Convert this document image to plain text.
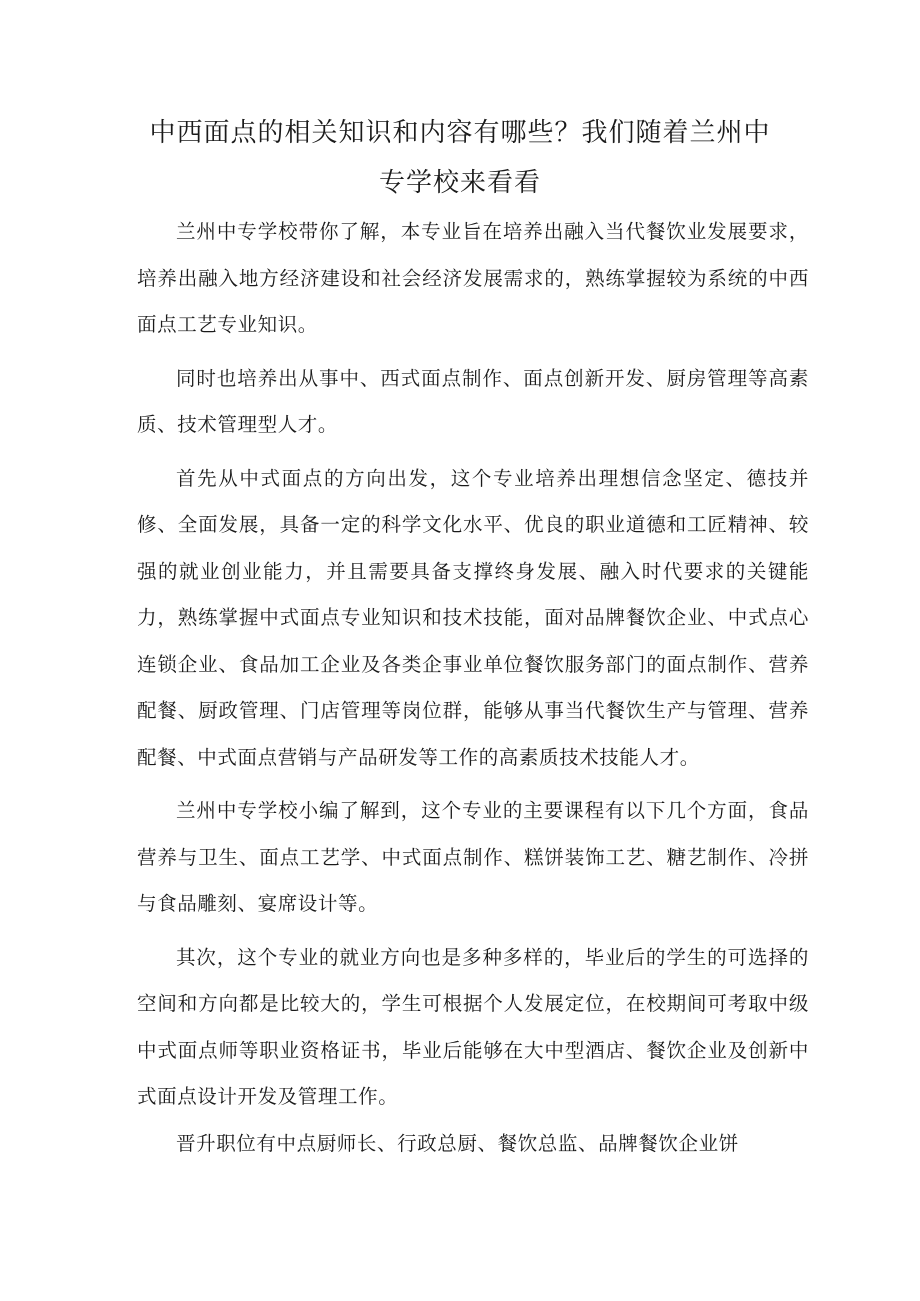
中西面点的相关知识和内容有哪些？我们随着兰州中
专学校来看看

兰州中专学校带你了解，本专业旨在培养出融入当代餐饮业发展要求，培养出融入地方经济建设和社会经济发展需求的，熟练掌握较为系统的中西面点工艺专业知识。

同时也培养出从事中、西式面点制作、面点创新开发、厨房管理等高素质、技术管理型人才。

首先从中式面点的方向出发，这个专业培养出理想信念坚定、德技并修、全面发展，具备一定的科学文化水平、优良的职业道德和工匠精神、较强的就业创业能力，并且需要具备支撑终身发展、融入时代要求的关键能力，熟练掌握中式面点专业知识和技术技能，面对品牌餐饮企业、中式点心连锁企业、食品加工企业及各类企事业单位餐饮服务部门的面点制作、营养配餐、厨政管理、门店管理等岗位群，能够从事当代餐饮生产与管理、营养配餐、中式面点营销与产品研发等工作的高素质技术技能人才。

兰州中专学校小编了解到，这个专业的主要课程有以下几个方面，食品营养与卫生、面点工艺学、中式面点制作、糕饼装饰工艺、糖艺制作、冷拼与食品雕刻、宴席设计等。

其次，这个专业的就业方向也是多种多样的，毕业后的学生的可选择的空间和方向都是比较大的，学生可根据个人发展定位，在校期间可考取中级中式面点师等职业资格证书，毕业后能够在大中型酒店、餐饮企业及创新中式面点设计开发及管理工作。

晋升职位有中点厨师长、行政总厨、餐饮总监、品牌餐饮企业饼
